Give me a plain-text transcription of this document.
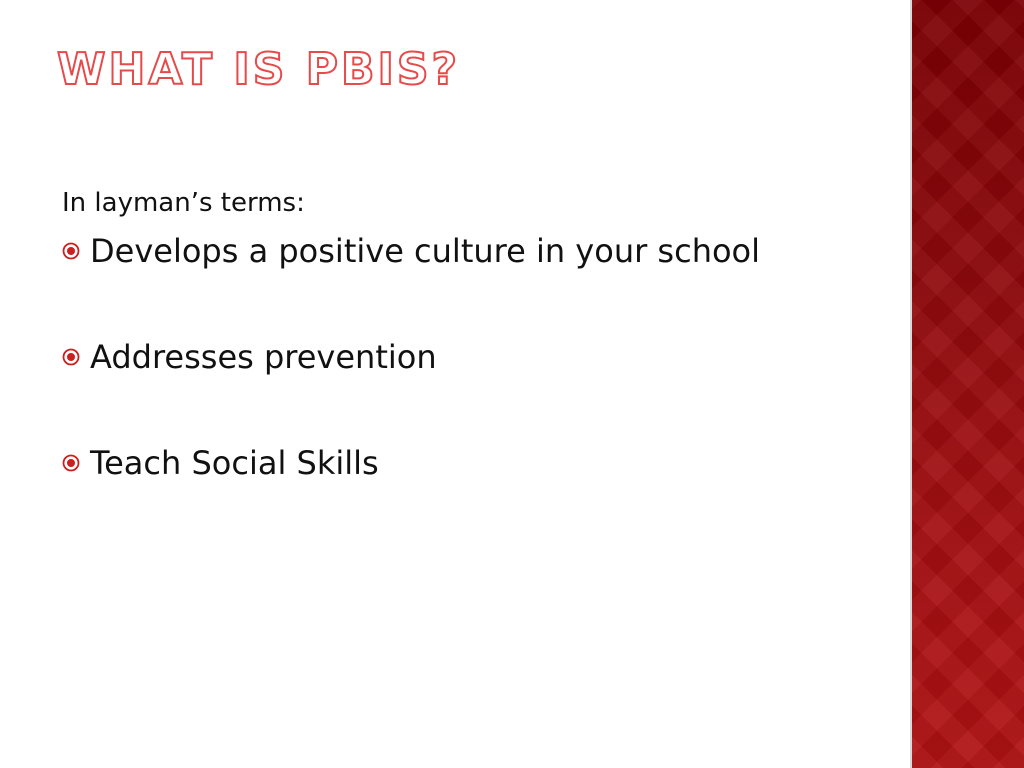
WHAT IS PBIS?

In layman’s terms:

Develops a positive culture in your school
Addresses prevention
Teach Social Skills
